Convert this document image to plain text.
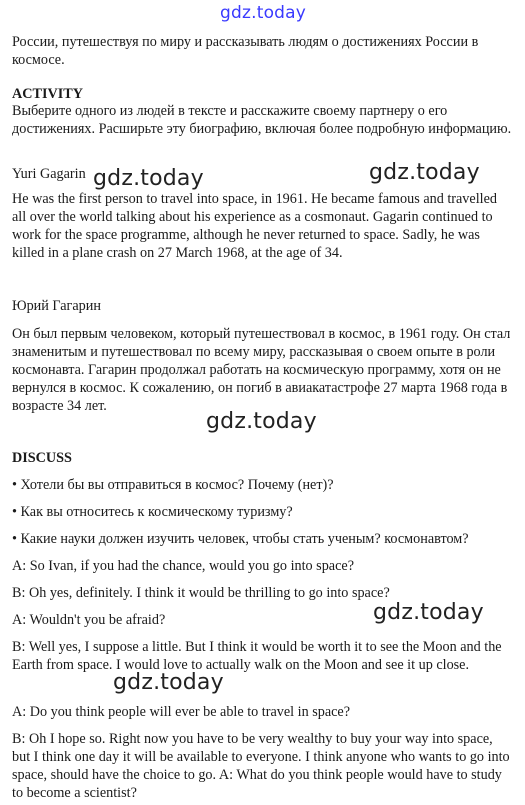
gdz.today

России, путешествуя по миру и рассказывать людям о достижениях России в космосе.

ACTIVITY

Выберите одного из людей в тексте и расскажите своему партнеру о его достижениях. Расширьте эту биографию, включая более подробную информацию.

Yuri Gagarin

He was the first person to travel into space, in 1961. He became famous and travelled all over the world talking about his experience as a cosmonaut. Gagarin continued to work for the space programme, although he never returned to space. Sadly, he was killed in a plane crash on 27 March 1968, at the age of 34.

Юрий Гагарин

Он был первым человеком, который путешествовал в космос, в 1961 году. Он стал знаменитым и путешествовал по всему миру, рассказывая о своем опыте в роли космонавта. Гагарин продолжал работать на космическую программу, хотя он не вернулся в космос. К сожалению, он погиб в авиакатастрофе 27 марта 1968 года в возрасте 34 лет.

DISCUSS

• Хотели бы вы отправиться в космос? Почему (нет)?

• Как вы относитесь к космическому туризму?

• Какие науки должен изучить человек, чтобы стать ученым? космонавтом?

A: So Ivan, if you had the chance, would you go into space?

B: Oh yes, definitely. I think it would be thrilling to go into space?

A: Wouldn't you be afraid?

B: Well yes, I suppose a little. But I think it would be worth it to see the Moon and the Earth from space. I would love to actually walk on the Moon and see it up close.

A: Do you think people will ever be able to travel in space?

B: Oh I hope so. Right now you have to be very wealthy to buy your way into space, but I think one day it will be available to everyone. I think anyone who wants to go into space, should have the choice to go. A: What do you think people would have to study to become a scientist?

gdz.today	gdz.today
gdz.today
gdz.today
gdz.today
